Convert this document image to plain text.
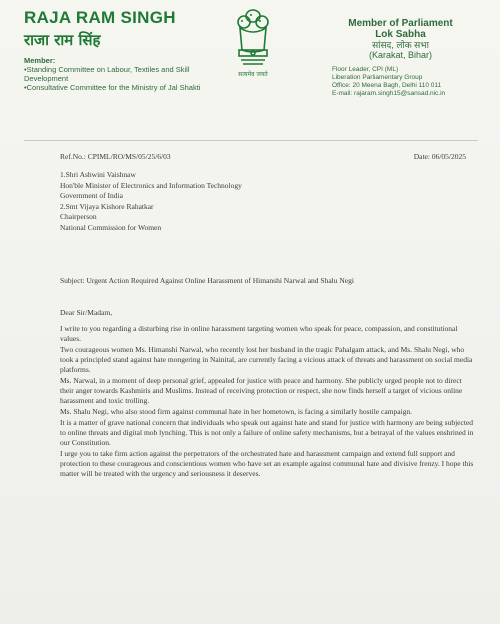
RAJA RAM SINGH
राजा राम सिंह
Member:
•Standing Committee on Labour, Textiles and Skill Development
•Consultative Committee for the Ministry of Jal Shakti
सत्यमेव जयते
Member of Parliament
Lok Sabha
सांसद, लोक सभा
(Karakat, Bihar)
Floor Leader, CPI (ML)
Liberation Parliamentary Group
Office: 20 Meena Bagh, Delhi 110 011
E-mail: rajaram.singh15@sansad.nic.in
Ref.No.: CPIML/RO/MS/05/25/6/03	Date: 06/05/2025
1.Shri Ashwini Vaishnaw
Hon'ble Minister of Electronics and Information Technology
Government of India
2.Smt Vijaya Kishore Rahatkar
Chairperson
National Commission for Women
Subject: Urgent Action Required Against Online Harassment of Himanshi Narwal and Shalu Negi
Dear Sir/Madam,

I write to you regarding a disturbing rise in online harassment targeting women who speak for peace, compassion, and constitutional values.

Two courageous women Ms. Himanshi Narwal, who recently lost her husband in the tragic Pahalgam attack, and Ms. Shalu Negi, who took a principled stand against hate mongering in Nainital, are currently facing a vicious attack of threats and harassment on social media platforms.

Ms. Narwal, in a moment of deep personal grief, appealed for justice with peace and harmony. She publicly urged people not to direct their anger towards Kashmiris and Muslims. Instead of receiving protection or respect, she now finds herself a target of vicious online harassment and toxic trolling.

Ms. Shalu Negi, who also stood firm against communal hate in her hometown, is facing a similarly hostile campaign.

It is a matter of grave national concern that individuals who speak out against hate and stand for justice with harmony are being subjected to online threats and digital mob lynching. This is not only a failure of online safety mechanisms, but a betrayal of the values enshrined in our Constitution.

I urge you to take firm action against the perpetrators of the orchestrated hate and harassment campaign and extend full support and protection to these courageous and conscientious women who have set an example against communal hate and divisive frenzy. I hope this matter will be treated with the urgency and seriousness it deserves.
